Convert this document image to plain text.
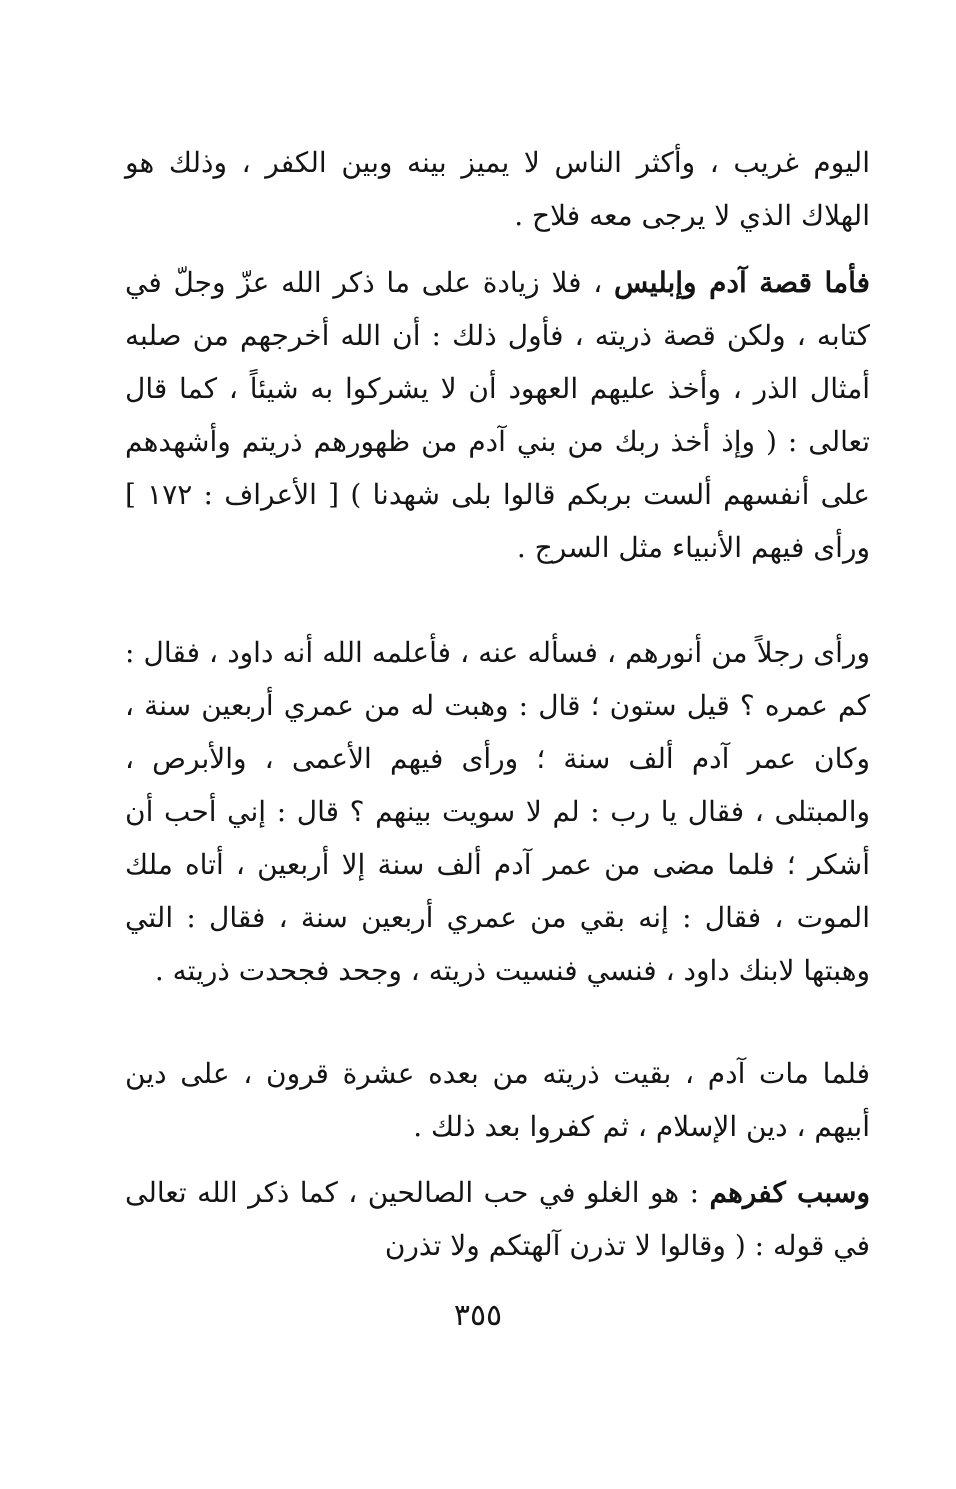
اليوم غريب ، وأكثر الناس لا يميز بينه وبين الكفر ، وذلك هو الهلاك الذي لا يرجى معه فلاح .

فأما قصة آدم وإبليس ، فلا زيادة على ما ذكر الله عزّ وجلّ في كتابه ، ولكن قصة ذريته ، فأول ذلك : أن الله أخرجهم من صلبه أمثال الذر ، وأخذ عليهم العهود أن لا يشركوا به شيئاً ، كما قال تعالى : ( وإذ أخذ ربك من بني آدم من ظهورهم ذريتم وأشهدهم على أنفسهم ألست بربكم قالوا بلى شهدنا ) [ الأعراف : ١٧٢ ] ورأى فيهم الأنبياء مثل السرج .

ورأى رجلاً من أنورهم ، فسأله عنه ، فأعلمه الله أنه داود ، فقال : كم عمره ؟ قيل ستون ؛ قال : وهبت له من عمري أربعين سنة ، وكان عمر آدم ألف سنة ؛ ورأى فيهم الأعمى ، والأبرص ، والمبتلى ، فقال يا رب : لم لا سويت بينهم ؟ قال : إني أحب أن أشكر ؛ فلما مضى من عمر آدم ألف سنة إلا أربعين ، أتاه ملك الموت ، فقال : إنه بقي من عمري أربعين سنة ، فقال : التي وهبتها لابنك داود ، فنسي فنسيت ذريته ، وجحد فجحدت ذريته .

فلما مات آدم ، بقيت ذريته من بعده عشرة قرون ، على دين أبيهم ، دين الإسلام ، ثم كفروا بعد ذلك .

وسبب كفرهم : هو الغلو في حب الصالحين ، كما ذكر الله تعالى في قوله : ( وقالوا لا تذرن آلهتكم ولا تذرن

٣٥٥
